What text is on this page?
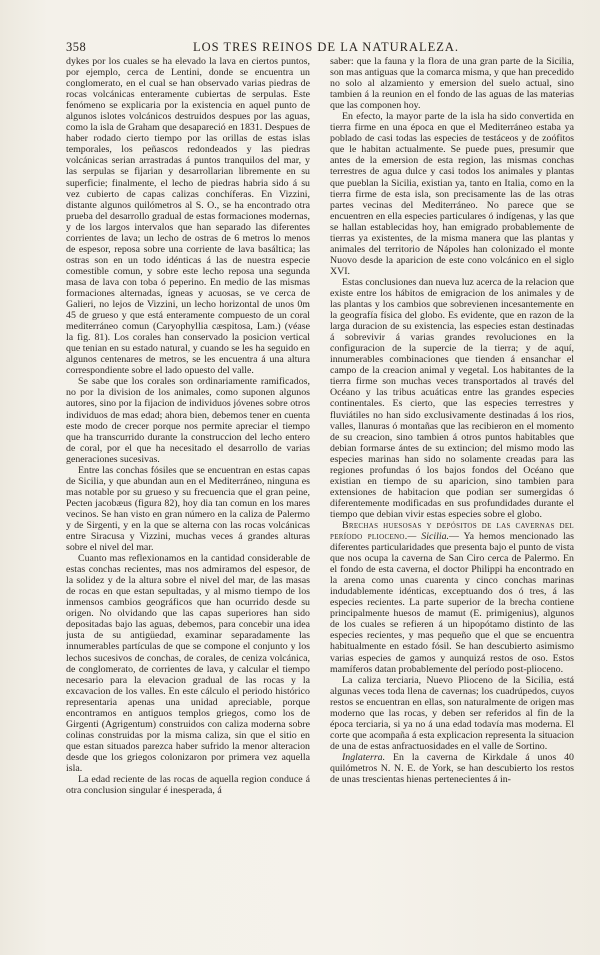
358	LOS TRES REINOS DE LA NATURALEZA.

dykes por los cuales se ha elevado la lava en ciertos puntos, por ejemplo, cerca de Lentini, donde se encuentra un conglomerato, en el cual se han observado varias piedras de rocas volcánicas enteramente cubiertas de serpulas. Este fenómeno se explicaria por la existencia en aquel punto de algunos islotes volcánicos destruidos despues por las aguas, como la isla de Graham que desapareció en 1831. Despues de haber rodado cierto tiempo por las orillas de estas islas temporales, los peñascos redondeados y las piedras volcánicas serian arrastradas á puntos tranquilos del mar, y las serpulas se fijarian y desarrollarian libremente en su superficie; finalmente, el lecho de piedras habria sido á su vez cubierto de capas calizas conchíferas. En Vizzini, distante algunos quilómetros al S. O., se ha encontrado otra prueba del desarrollo gradual de estas formaciones modernas, y de los largos intervalos que han separado las diferentes corrientes de lava; un lecho de ostras de 6 metros lo menos de espesor, reposa sobre una corriente de lava basáltica; las ostras son en un todo idénticas á las de nuestra especie comestible comun, y sobre este lecho reposa una segunda masa de lava con toba ó peperino. En medio de las mismas formaciones alternadas, ígneas y acuosas, se ve cerca de Galieri, no lejos de Vizzini, un lecho horizontal de unos 0m 45 de grueso y que está enteramente compuesto de un coral mediterráneo comun (Caryophyllia cæspitosa, Lam.) (véase la fig. 81). Los corales han conservado la posicion vertical que tenian en su estado natural, y cuando se les ha seguido en algunos centenares de metros, se les encuentra á una altura correspondiente sobre el lado opuesto del valle.

Se sabe que los corales son ordinariamente ramificados, no por la division de los animales, como suponen algunos autores, sino por la fijacion de individuos jóvenes sobre otros individuos de mas edad; ahora bien, debemos tener en cuenta este modo de crecer porque nos permite apreciar el tiempo que ha transcurrido durante la construccion del lecho entero de coral, por el que ha necesitado el desarrollo de varias generaciones sucesivas.

Entre las conchas fósiles que se encuentran en estas capas de Sicilia, y que abundan aun en el Mediterráneo, ninguna es mas notable por su grueso y su frecuencia que el gran peine, Pecten jacobæus (figura 82), hoy dia tan comun en los mares vecinos. Se han visto en gran número en la caliza de Palermo y de Sirgenti, y en la que se alterna con las rocas volcánicas entre Siracusa y Vizzini, muchas veces á grandes alturas sobre el nivel del mar.

Cuanto mas reflexionamos en la cantidad considerable de estas conchas recientes, mas nos admiramos del espesor, de la solidez y de la altura sobre el nivel del mar, de las masas de rocas en que estan sepultadas, y al mismo tiempo de los inmensos cambios geográficos que han ocurrido desde su origen. No olvidando que las capas superiores han sido depositadas bajo las aguas, debemos, para concebir una idea justa de su antigüedad, examinar separadamente las innumerables partículas de que se compone el conjunto y los lechos sucesivos de conchas, de corales, de ceniza volcánica, de conglomerato, de corrientes de lava, y calcular el tiempo necesario para la elevacion gradual de las rocas y la excavacion de los valles. En este cálculo el periodo histórico representaria apenas una unidad apreciable, porque encontramos en antiguos templos griegos, como los de Girgenti (Agrigentum) construidos con caliza moderna sobre colinas construidas por la misma caliza, sin que el sitio en que estan situados parezca haber sufrido la menor alteracion desde que los griegos colonizaron por primera vez aquella isla.

La edad reciente de las rocas de aquella region conduce á otra conclusion singular é inesperada, á

saber: que la fauna y la flora de una gran parte de la Sicilia, son mas antiguas que la comarca misma, y que han precedido no solo al alzamiento y emersion del suelo actual, sino tambien á la reunion en el fondo de las aguas de las materias que las componen hoy.

En efecto, la mayor parte de la isla ha sido convertida en tierra firme en una época en que el Mediterráneo estaba ya poblado de casi todas las especies de testáceos y de zoófitos que le habitan actualmente. Se puede pues, presumir que antes de la emersion de esta region, las mismas conchas terrestres de agua dulce y casi todos los animales y plantas que pueblan la Sicilia, existian ya, tanto en Italia, como en la tierra firme de esta isla, son precisamente las de las otras partes vecinas del Mediterráneo. No parece que se encuentren en ella especies particulares ó indígenas, y las que se hallan establecidas hoy, han emigrado probablemente de tierras ya existentes, de la misma manera que las plantas y animales del territorio de Nápoles han colonizado el monte Nuovo desde la aparicion de este cono volcánico en el siglo XVI.

Estas conclusiones dan nueva luz acerca de la relacion que existe entre los hábitos de emigracion de los animales y de las plantas y los cambios que sobrevienen incesantemente en la geografía física del globo. Es evidente, que en razon de la larga duracion de su existencia, las especies estan destinadas á sobrevivir á varias grandes revoluciones en la configuracion de la supercie de la tierra; y de aquí, innumerables combinaciones que tienden á ensanchar el campo de la creacion animal y vegetal. Los habitantes de la tierra firme son muchas veces transportados al través del Océano y las tribus acuáticas entre las grandes especies continentales. Es cierto, que las especies terrestres y fluviátiles no han sido exclusivamente destinadas á los rios, valles, llanuras ó montañas que las recibieron en el momento de su creacion, sino tambien á otros puntos habitables que debian formarse ántes de su extincion; del mismo modo las especies marinas han sido no solamente creadas para las regiones profundas ó los bajos fondos del Océano que existian en tiempo de su aparicion, sino tambien para extensiones de habitacion que podian ser sumergidas ó diferentemente modificadas en sus profundidades durante el tiempo que debian vivir estas especies sobre el globo.

Brechas huesosas y depósitos de las cavernas del período plioceno.— Sicilia.— Ya hemos mencionado las diferentes particularidades que presenta bajo el punto de vista que nos ocupa la caverna de San Ciro cerca de Palermo. En el fondo de esta caverna, el doctor Philippi ha encontrado en la arena como unas cuarenta y cinco conchas marinas indudablemente idénticas, exceptuando dos ó tres, á las especies recientes. La parte superior de la brecha contiene principalmente huesos de mamut (E. primigenius), algunos de los cuales se refieren á un hipopótamo distinto de las especies recientes, y mas pequeño que el que se encuentra habitualmente en estado fósil. Se han descubierto asimismo varias especies de gamos y aunquizá restos de oso. Estos mamíferos datan probablemente del período post-plioceno.

La caliza terciaria, Nuevo Plioceno de la Sicilia, está algunas veces toda llena de cavernas; los cuadrúpedos, cuyos restos se encuentran en ellas, son naturalmente de origen mas moderno que las rocas, y deben ser referidos al fin de la época terciaria, si ya no á una edad todavía mas moderna. El corte que acompaña á esta explicacion representa la situacion de una de estas anfractuosidades en el valle de Sortino.

Inglaterra. En la caverna de Kirkdale á unos 40 quilómetros N. N. E. de York, se han descubierto los restos de unas trescientas hienas pertenecientes á in-
